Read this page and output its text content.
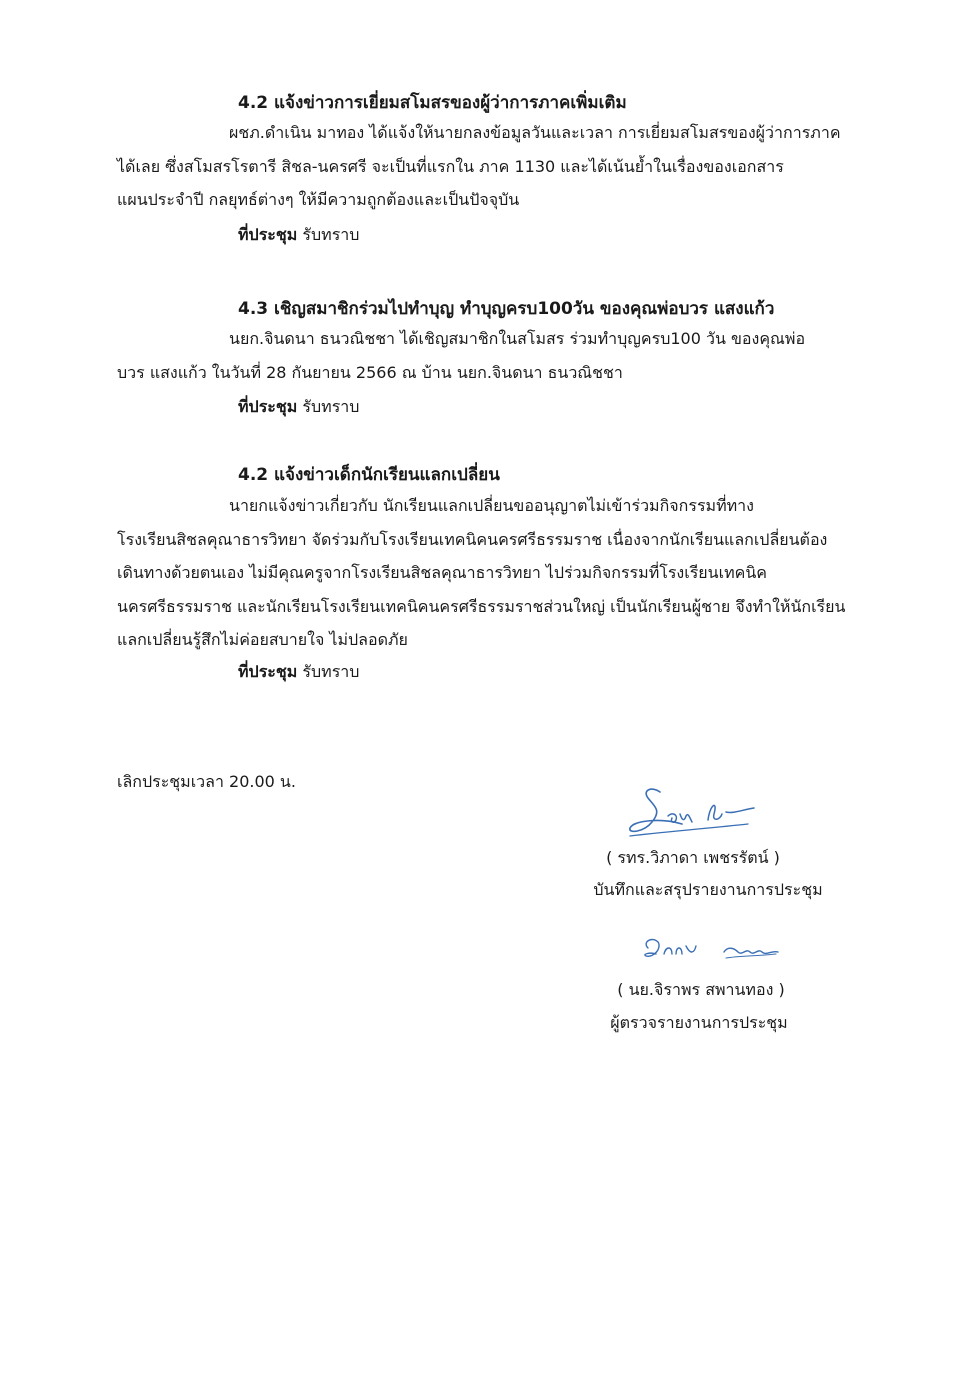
4.2 แจ้งข่าวการเยี่ยมสโมสรของผู้ว่าการภาคเพิ่มเติม
ผชภ.ดำเนิน มาทอง ได้แจ้งให้นายกลงข้อมูลวันและเวลา การเยี่ยมสโมสรของผู้ว่าการภาค
ได้เลย ซึ่งสโมสรโรตารี สิชล-นครศรี จะเป็นที่แรกใน ภาค 1130 และได้เน้นย้ำในเรื่องของเอกสาร
แผนประจำปี กลยุทธ์ต่างๆ ให้มีความถูกต้องและเป็นปัจจุบัน
ที่ประชุม รับทราบ
4.3 เชิญสมาชิกร่วมไปทำบุญ ทำบุญครบ100วัน ของคุณพ่อบวร แสงแก้ว
นยก.จินดนา ธนวณิชชา ได้เชิญสมาชิกในสโมสร ร่วมทำบุญครบ100 วัน ของคุณพ่อ
บวร แสงแก้ว ในวันที่ 28 กันยายน 2566 ณ บ้าน นยก.จินดนา ธนวณิชชา
ที่ประชุม รับทราบ
4.2 แจ้งข่าวเด็กนักเรียนแลกเปลี่ยน
นายกแจ้งข่าวเกี่ยวกับ นักเรียนแลกเปลี่ยนขออนุญาตไม่เข้าร่วมกิจกรรมที่ทาง
โรงเรียนสิชลคุณาธารวิทยา จัดร่วมกับโรงเรียนเทคนิคนครศรีธรรมราช เนื่องจากนักเรียนแลกเปลี่ยนต้อง
เดินทางด้วยตนเอง ไม่มีคุณครูจากโรงเรียนสิชลคุณาธารวิทยา ไปร่วมกิจกรรมที่โรงเรียนเทคนิค
นครศรีธรรมราช และนักเรียนโรงเรียนเทคนิคนครศรีธรรมราชส่วนใหญ่ เป็นนักเรียนผู้ชาย จึงทำให้นักเรียน
แลกเปลี่ยนรู้สึกไม่ค่อยสบายใจ ไม่ปลอดภัย
ที่ประชุม รับทราบ
เลิกประชุมเวลา 20.00 น.
( รทร.วิภาดา เพชรรัตน์ )
บันทึกและสรุปรายงานการประชุม
( นย.จิราพร สพานทอง )
ผู้ตรวจรายงานการประชุม
